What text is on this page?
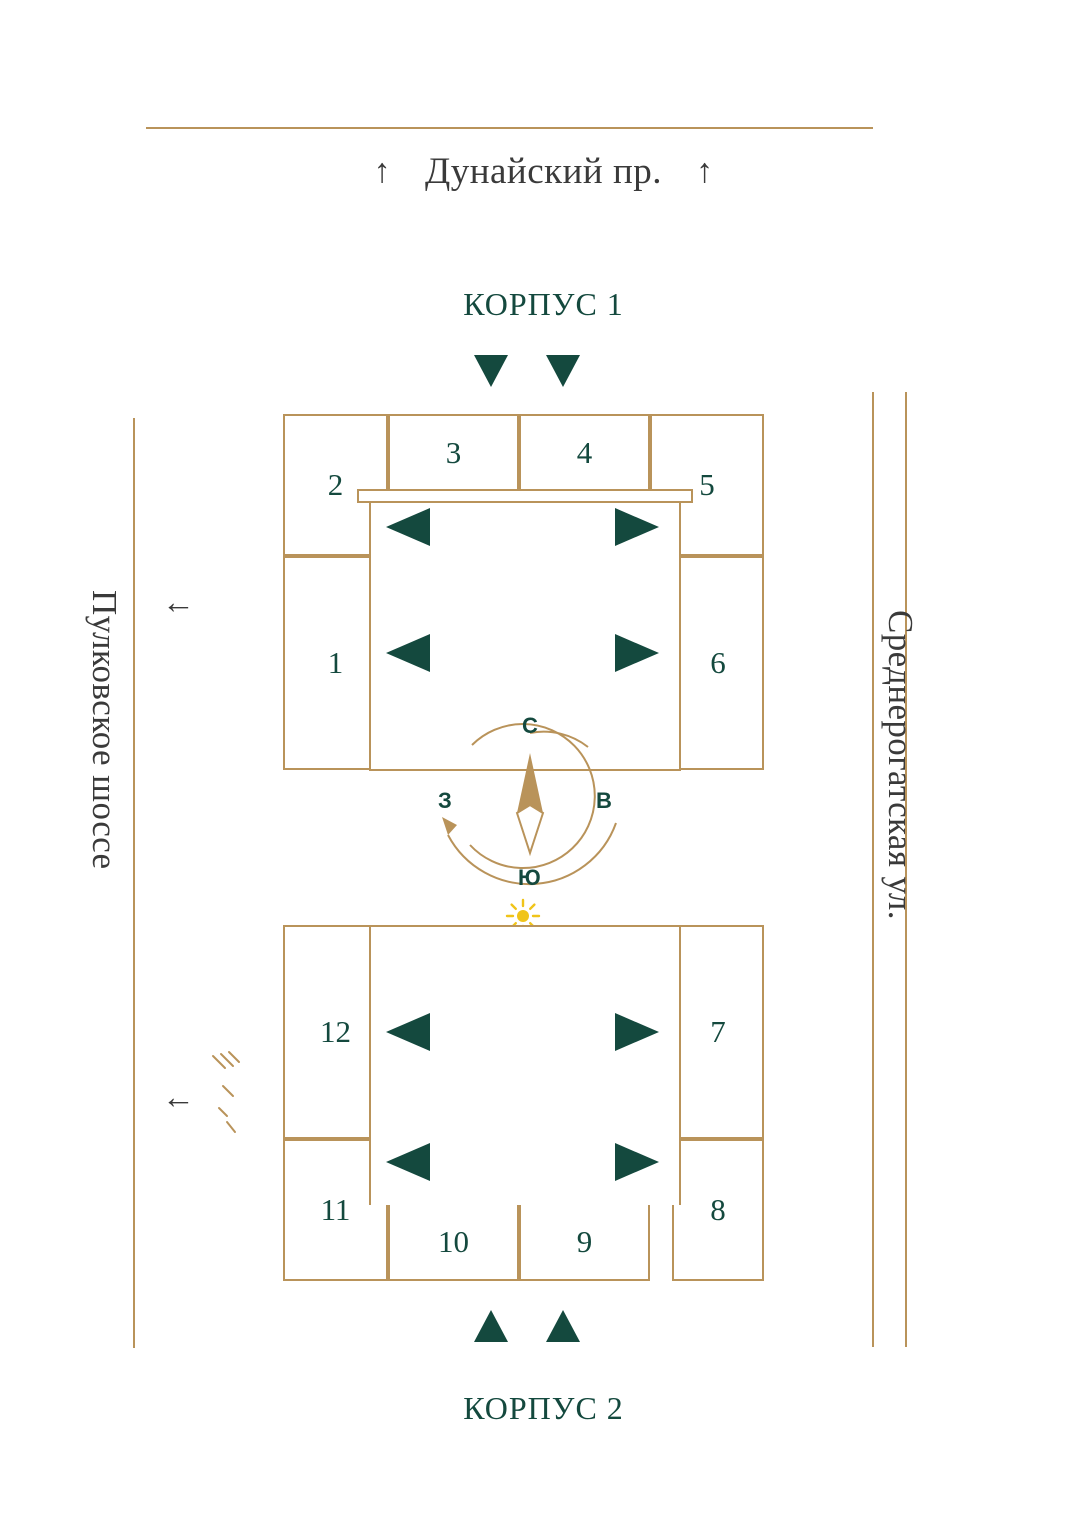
↑ Дунайский пр. ↑
←
←
Пулковское шоссе	Среднерогатская ул.
КОРПУС 1
КОРПУС 2
2
3	4
5
1	6
С
Ю
З	В
12	7
11
10	9
8
